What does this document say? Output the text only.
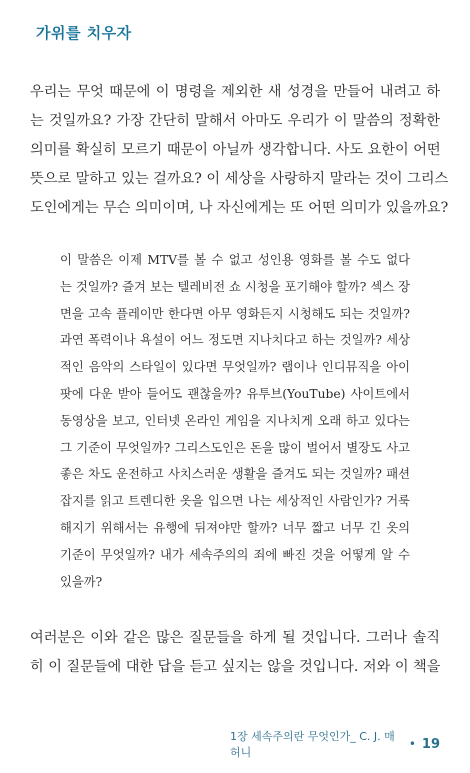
가위를 치우자
우리는 무엇 때문에 이 명령을 제외한 새 성경을 만들어 내려고 하
는 것일까요? 가장 간단히 말해서 아마도 우리가 이 말씀의 정확한
의미를 확실히 모르기 때문이 아닐까 생각합니다. 사도 요한이 어떤
뜻으로 말하고 있는 걸까요? 이 세상을 사랑하지 말라는 것이 그리스
도인에게는 무슨 의미이며, 나 자신에게는 또 어떤 의미가 있을까요?
이 말씀은 이제 MTV를 볼 수 없고 성인용 영화를 볼 수도 없다
는 것일까? 즐겨 보는 텔레비전 쇼 시청을 포기해야 할까? 섹스 장
면을 고속 플레이만 한다면 아무 영화든지 시청해도 되는 것일까?
과연 폭력이나 욕설이 어느 정도면 지나치다고 하는 것일까? 세상
적인 음악의 스타일이 있다면 무엇일까? 랩이나 인디뮤직을 아이
팟에 다운 받아 들어도 괜찮을까? 유투브(YouTube) 사이트에서
동영상을 보고, 인터넷 온라인 게임을 지나치게 오래 하고 있다는
그 기준이 무엇일까? 그리스도인은 돈을 많이 벌어서 별장도 사고
좋은 차도 운전하고 사치스러운 생활을 즐겨도 되는 것일까? 패션
잡지를 읽고 트렌디한 옷을 입으면 나는 세상적인 사람인가? 거룩
해지기 위해서는 유행에 뒤져야만 할까? 너무 짧고 너무 긴 옷의
기준이 무엇일까? 내가 세속주의의 죄에 빠진 것을 어떻게 알 수
있을까?
여러분은 이와 같은 많은 질문들을 하게 될 것입니다. 그러나 솔직
히 이 질문들에 대한 답을 듣고 싶지는 않을 것입니다. 저와 이 책을
1장 세속주의란 무엇인가_ C. J. 매허니
• 19
